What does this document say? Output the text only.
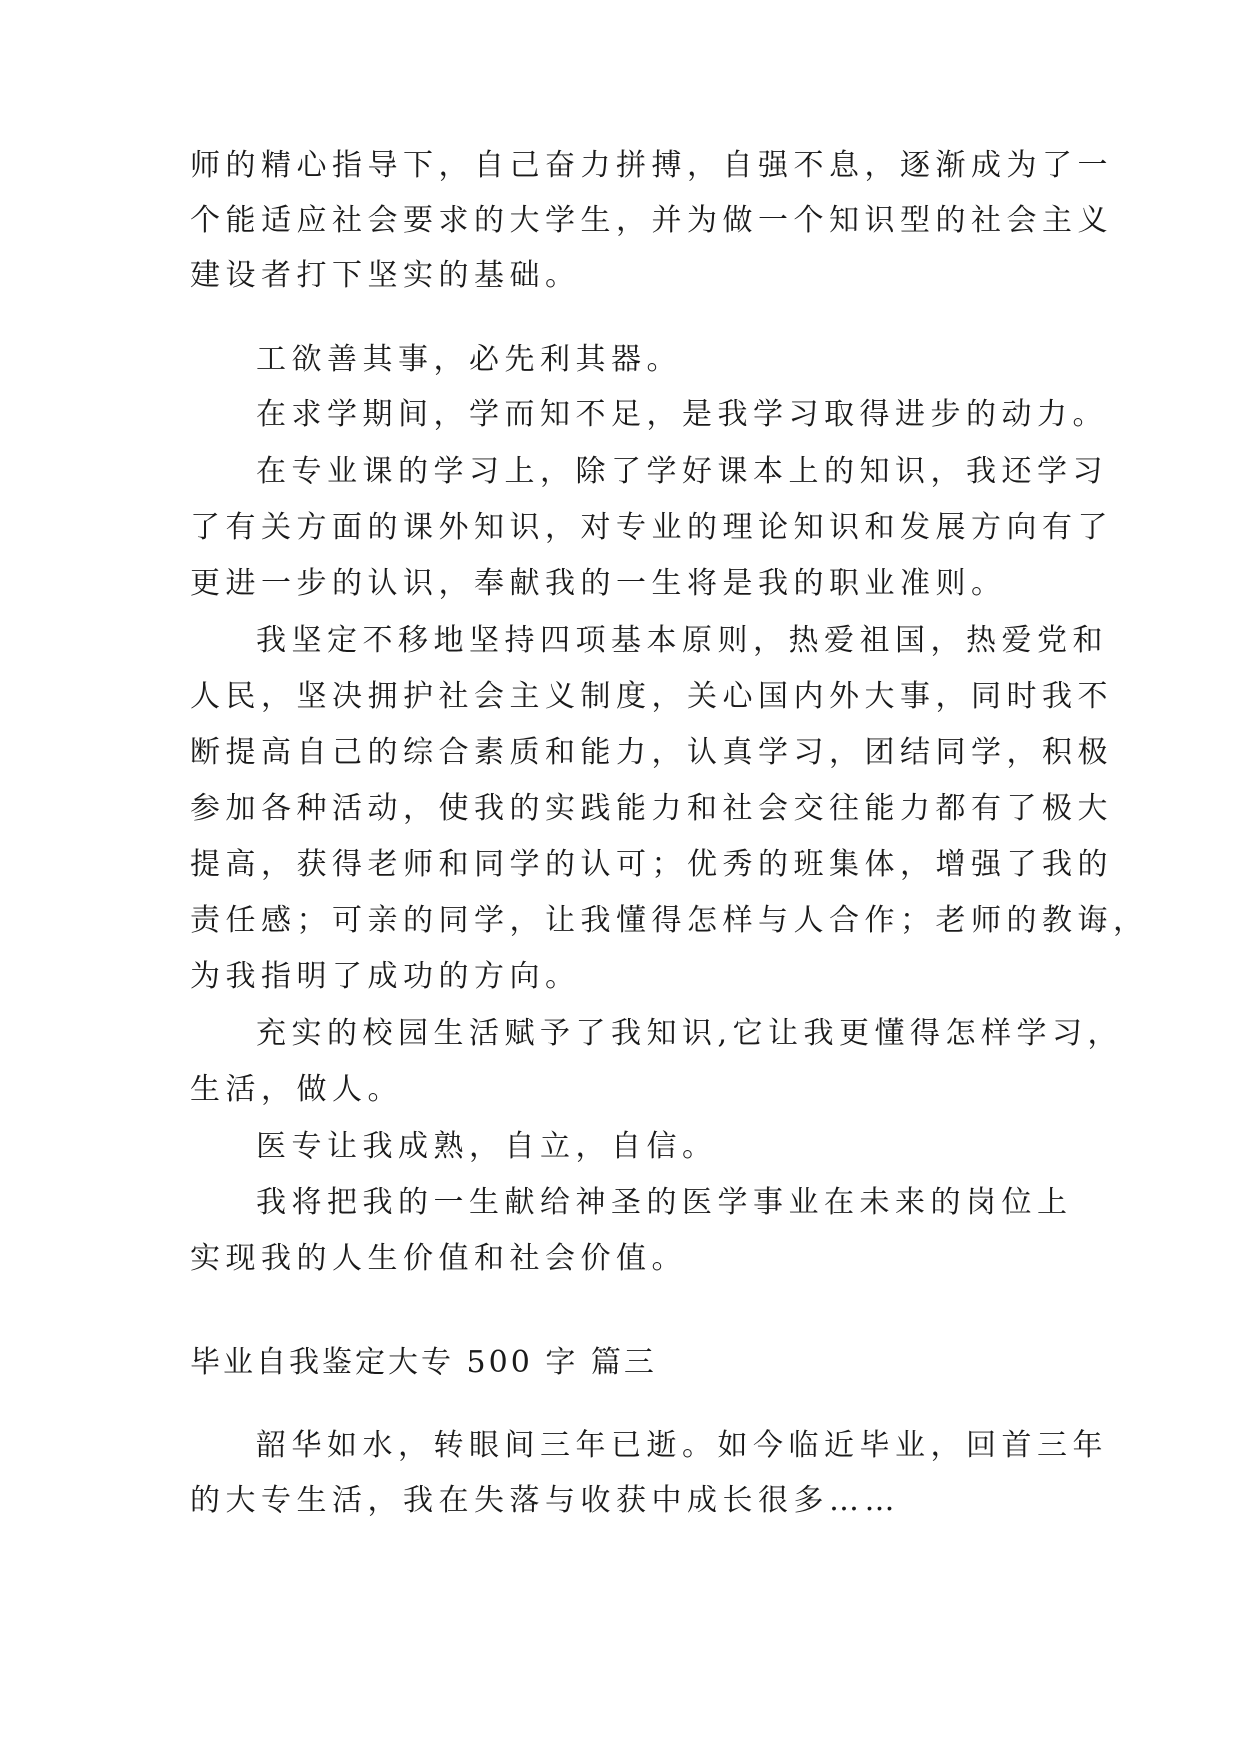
师的精心指导下，自己奋力拼搏，自强不息，逐渐成为了一

个能适应社会要求的大学生，并为做一个知识型的社会主义

建设者打下坚实的基础。

工欲善其事，必先利其器。

在求学期间，学而知不足，是我学习取得进步的动力。

在专业课的学习上，除了学好课本上的知识，我还学习

了有关方面的课外知识，对专业的理论知识和发展方向有了

更进一步的认识，奉献我的一生将是我的职业准则。

我坚定不移地坚持四项基本原则，热爱祖国，热爱党和

人民，坚决拥护社会主义制度，关心国内外大事，同时我不

断提高自己的综合素质和能力，认真学习，团结同学，积极

参加各种活动，使我的实践能力和社会交往能力都有了极大

提高，获得老师和同学的认可；优秀的班集体，增强了我的

责任感；可亲的同学，让我懂得怎样与人合作；老师的教诲，

为我指明了成功的方向。

充实的校园生活赋予了我知识,它让我更懂得怎样学习，

生活，做人。

医专让我成熟，自立，自信。

我将把我的一生献给神圣的医学事业在未来的岗位上

实现我的人生价值和社会价值。

毕业自我鉴定大专 500 字 篇三

韶华如水，转眼间三年已逝。如今临近毕业，回首三年

的大专生活，我在失落与收获中成长很多……
